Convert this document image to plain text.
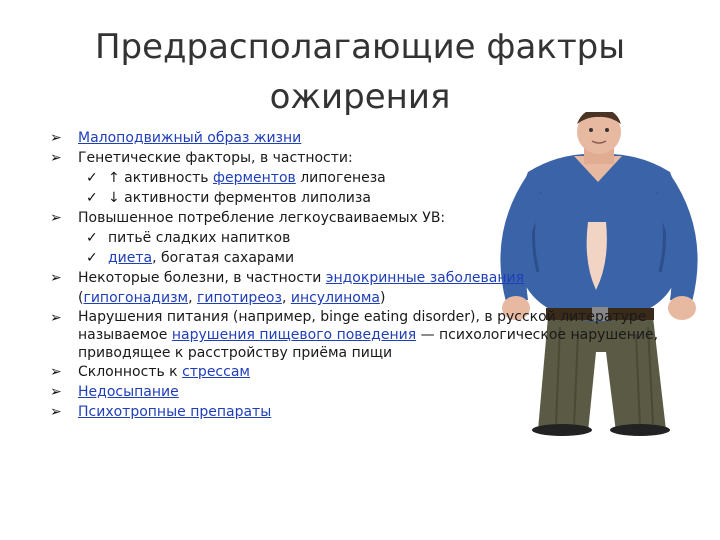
Предрасполагающие фактры
ожирения
➢	Малоподвижный образ жизни
➢	Генетические факторы, в частности:
✓ ↑ активность ферментов липогенеза
✓ ↓ активности ферментов липолиза
➢	Повышенное потребление легкоусваиваемых УВ:
✓ питьё сладких напитков
✓ диета, богатая сахарами
➢	Некоторые болезни, в частности эндокринные заболевания
(гипогонадизм, гипотиреоз, инсулинома)
➢	Нарушения питания (например, binge eating disorder), в русской литературе называемое нарушения пищевого поведения — психологическое нарушение, приводящее к расстройству приёма пищи
➢	Склонность к стрессам
➢	Недосыпание
➢	Психотропные препараты
